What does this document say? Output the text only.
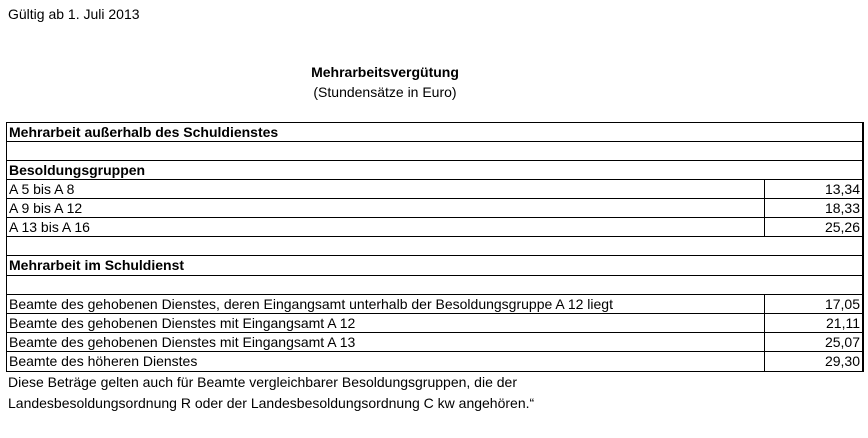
Gültig ab 1. Juli 2013
Mehrarbeitsvergütung
(Stundensätze in Euro)
Mehrarbeit außerhalb des Schuldienstes
Besoldungsgruppen
A 5 bis A 8	13,34
A 9 bis A 12	18,33
A 13 bis A 16	25,26
Mehrarbeit im Schuldienst
Beamte des gehobenen Dienstes, deren Eingangsamt unterhalb der Besoldungsgruppe A 12 liegt	17,05
Beamte des gehobenen Dienstes mit Eingangsamt A 12	21,11
Beamte des gehobenen Dienstes mit Eingangsamt A 13	25,07
Beamte des höheren Dienstes	29,30
Diese Beträge gelten auch für Beamte vergleichbarer Besoldungsgruppen, die der
Landesbesoldungsordnung R oder der Landesbesoldungsordnung C kw angehören.“
